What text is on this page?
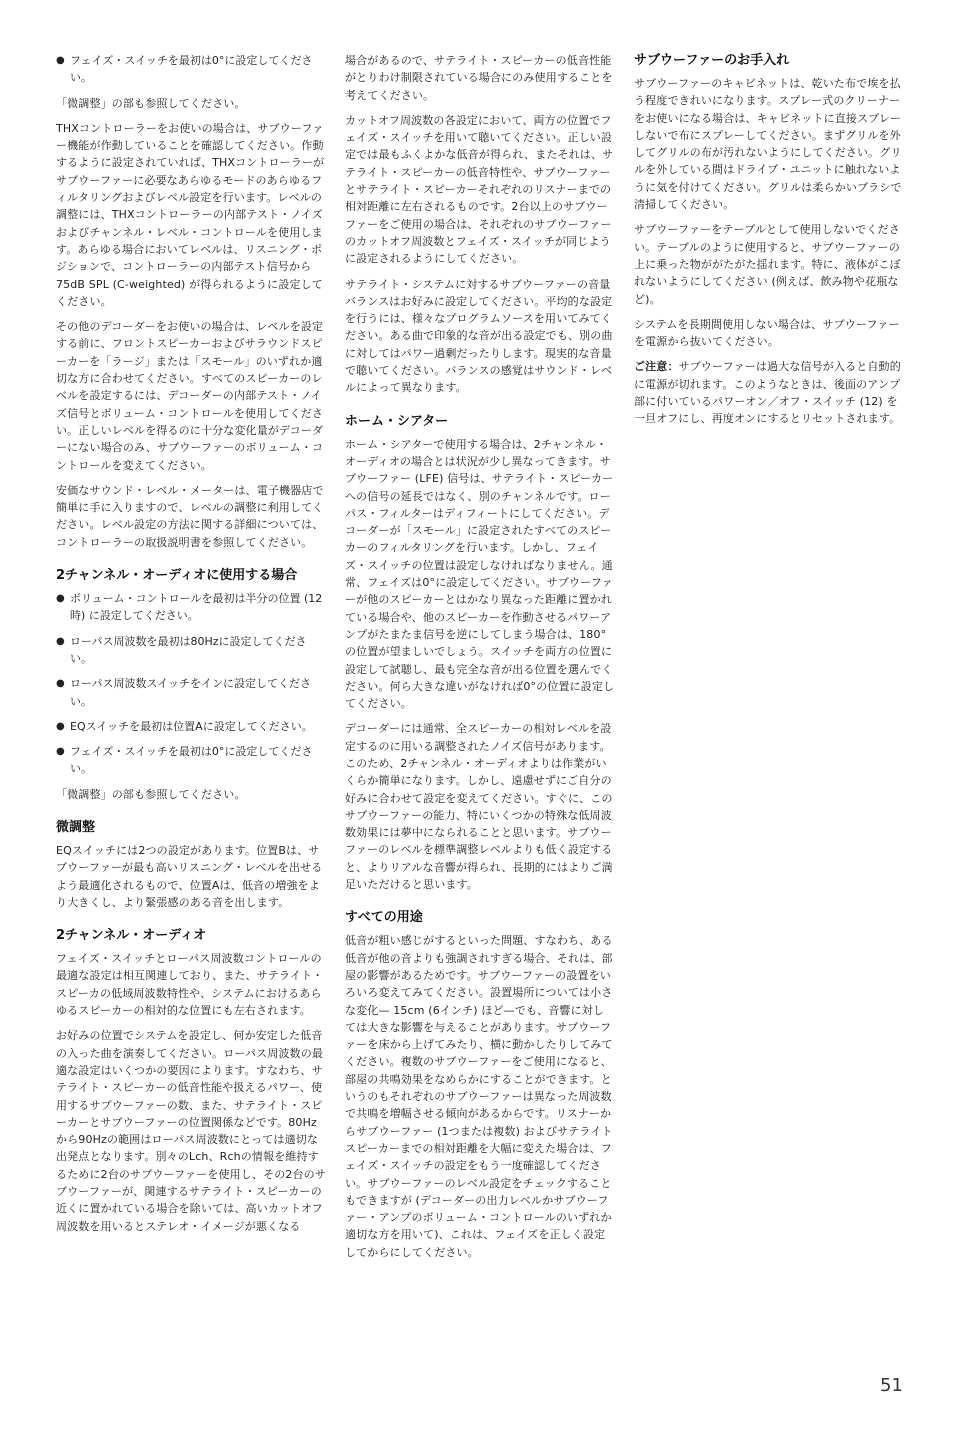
● フェイズ・スイッチを最初は0°に設定してください。

「微調整」の部も参照してください。

THXコントローラーをお使いの場合は、サブウーファー機能が作動していることを確認してください。作動するように設定されていれば、THXコントローラーがサブウーファーに必要なあらゆるモードのあらゆるフィルタリングおよびレベル設定を行います。レベルの調整には、THXコントローラーの内部テスト・ノイズおよびチャンネル・レベル・コントロールを使用します。あらゆる場合においてレベルは、リスニング・ポジションで、コントローラーの内部テスト信号から75dB SPL (C-weighted) が得られるように設定してください。

その他のデコーダーをお使いの場合は、レベルを設定する前に、フロントスピーカーおよびサラウンドスピーカーを「ラージ」または「スモール」のいずれか適切な方に合わせてください。すべてのスピーカーのレベルを設定するには、デコーダーの内部テスト・ノイズ信号とボリューム・コントロールを使用してください。正しいレベルを得るのに十分な変化量がデコーダーにない場合のみ、サブウーファーのボリューム・コントロールを変えてください。

安価なサウンド・レベル・メーターは、電子機器店で簡単に手に入りますので、レベルの調整に利用してください。レベル設定の方法に関する詳細については、コントローラーの取扱説明書を参照してください。

2チャンネル・オーディオに使用する場合
● ボリューム・コントロールを最初は半分の位置 (12時) に設定してください。
● ローパス周波数を最初は80Hzに設定してください。
● ローパス周波数スイッチをインに設定してください。
● EQスイッチを最初は位置Aに設定してください。
● フェイズ・スイッチを最初は0°に設定してください。

「微調整」の部も参照してください。

微調整

EQスイッチには2つの設定があります。位置Bは、サブウーファーが最も高いリスニング・レベルを出せるよう最適化されるもので、位置Aは、低音の増強をより大きくし、より緊張感のある音を出します。

2チャンネル・オーディオ

フェイズ・スイッチとローパス周波数コントロールの最適な設定は相互関連しており、また、サテライト・スピーカの低域周波数特性や、システムにおけるあらゆるスピーカーの相対的な位置にも左右されます。

お好みの位置でシステムを設定し、何か安定した低音の入った曲を演奏してください。ローパス周波数の最適な設定はいくつかの要因によります。すなわち、サテライト・スピーカーの低音性能や扱えるパワー、使用するサブウーファーの数、また、サテライト・スピーカーとサブウーファーの位置関係などです。80Hzから90Hzの範囲はローパス周波数にとっては適切な出発点となります。別々のLch、Rchの情報を維持するために2台のサブウーファーを使用し、その2台のサブウーファーが、関連するサテライト・スピーカーの近くに置かれている場合を除いては、高いカットオフ周波数を用いるとステレオ・イメージが悪くなる

場合があるので、サテライト・スピーカーの低音性能がとりわけ制限されている場合にのみ使用することを考えてください。

カットオフ周波数の各設定において、両方の位置でフェイズ・スイッチを用いて聴いてください。正しい設定では最もふくよかな低音が得られ、またそれは、サテライト・スピーカーの低音特性や、サブウーファーとサテライト・スピーカーそれぞれのリスナーまでの相対距離に左右されるものです。2台以上のサブウーファーをご使用の場合は、それぞれのサブウーファーのカットオフ周波数とフェイズ・スイッチが同じように設定されるようにしてください。

サテライト・システムに対するサブウーファーの音量バランスはお好みに設定してください。平均的な設定を行うには、様々なプログラムソースを用いてみてください。ある曲で印象的な音が出る設定でも、別の曲に対してはパワー過剰だったりします。現実的な音量で聴いてください。バランスの感覚はサウンド・レベルによって異なります。

ホーム・シアター

ホーム・シアターで使用する場合は、2チャンネル・オーディオの場合とは状況が少し異なってきます。サブウーファー (LFE) 信号は、サテライト・スピーカーへの信号の延長ではなく、別のチャンネルです。ローパス・フィルターはディフィートにしてください。デコーダーが「スモール」に設定されたすべてのスピーカーのフィルタリングを行います。しかし、フェイズ・スイッチの位置は設定しなければなりません。通常、フェイズは0°に設定してください。サブウーファーが他のスピーカーとはかなり異なった距離に置かれている場合や、他のスピーカーを作動させるパワーアンプがたまたま信号を逆にしてしまう場合は、180°の位置が望ましいでしょう。スイッチを両方の位置に設定して試聴し、最も完全な音が出る位置を選んでください。何ら大きな違いがなければ0°の位置に設定してください。

デコーダーには通常、全スピーカーの相対レベルを設定するのに用いる調整されたノイズ信号があります。このため、2チャンネル・オーディオよりは作業がいくらか簡単になります。しかし、遠慮せずにご自分の好みに合わせて設定を変えてください。すぐに、このサブウーファーの能力、特にいくつかの特殊な低周波数効果には夢中になられることと思います。サブウーファーのレベルを標準調整レベルよりも低く設定すると、よりリアルな音響が得られ、長期的にはよりご満足いただけると思います。

すべての用途

低音が粗い感じがするといった問題、すなわち、ある低音が他の音よりも強調されすぎる場合、それは、部屋の影響があるためです。サブウーファーの設置をいろいろ変えてみてください。設置場所については小さな変化— 15cm (6インチ) ほど—でも、音響に対しては大きな影響を与えることがあります。サブウーファーを床から上げてみたり、横に動かしたりしてみてください。複数のサブウーファーをご使用になると、部屋の共鳴効果をなめらかにすることができます。というのもそれぞれのサブウーファーは異なった周波数で共鳴を増幅させる傾向があるからです。リスナーからサブウーファー (1つまたは複数) およびサテライトスピーカーまでの相対距離を大幅に変えた場合は、フェイズ・スイッチの設定をもう一度確認してください。サブウーファーのレベル設定をチェックすることもできますが (デコーダーの出力レベルかサブウーファー・アンプのボリューム・コントロールのいずれか適切な方を用いて)、これは、フェイズを正しく設定してからにしてください。

サブウーファーのお手入れ

サブウーファーのキャビネットは、乾いた布で埃を払う程度できれいになります。スプレー式のクリーナーをお使いになる場合は、キャビネットに直接スプレーしないで布にスプレーしてください。まずグリルを外してグリルの布が汚れないようにしてください。グリルを外している間はドライブ・ユニットに触れないように気を付けてください。グリルは柔らかいブラシで清掃してください。

サブウーファーをテーブルとして使用しないでください。テーブルのように使用すると、サブウーファーの上に乗った物ががたがた揺れます。特に、液体がこぼれないようにしてください (例えば、飲み物や花瓶など)。

システムを長期間使用しない場合は、サブウーファーを電源から抜いてください。

ご注意：サブウーファーは過大な信号が入ると自動的に電源が切れます。このようなときは、後面のアンプ部に付いているパワーオン／オフ・スイッチ (12) を一旦オフにし、再度オンにするとリセットされます。

51
